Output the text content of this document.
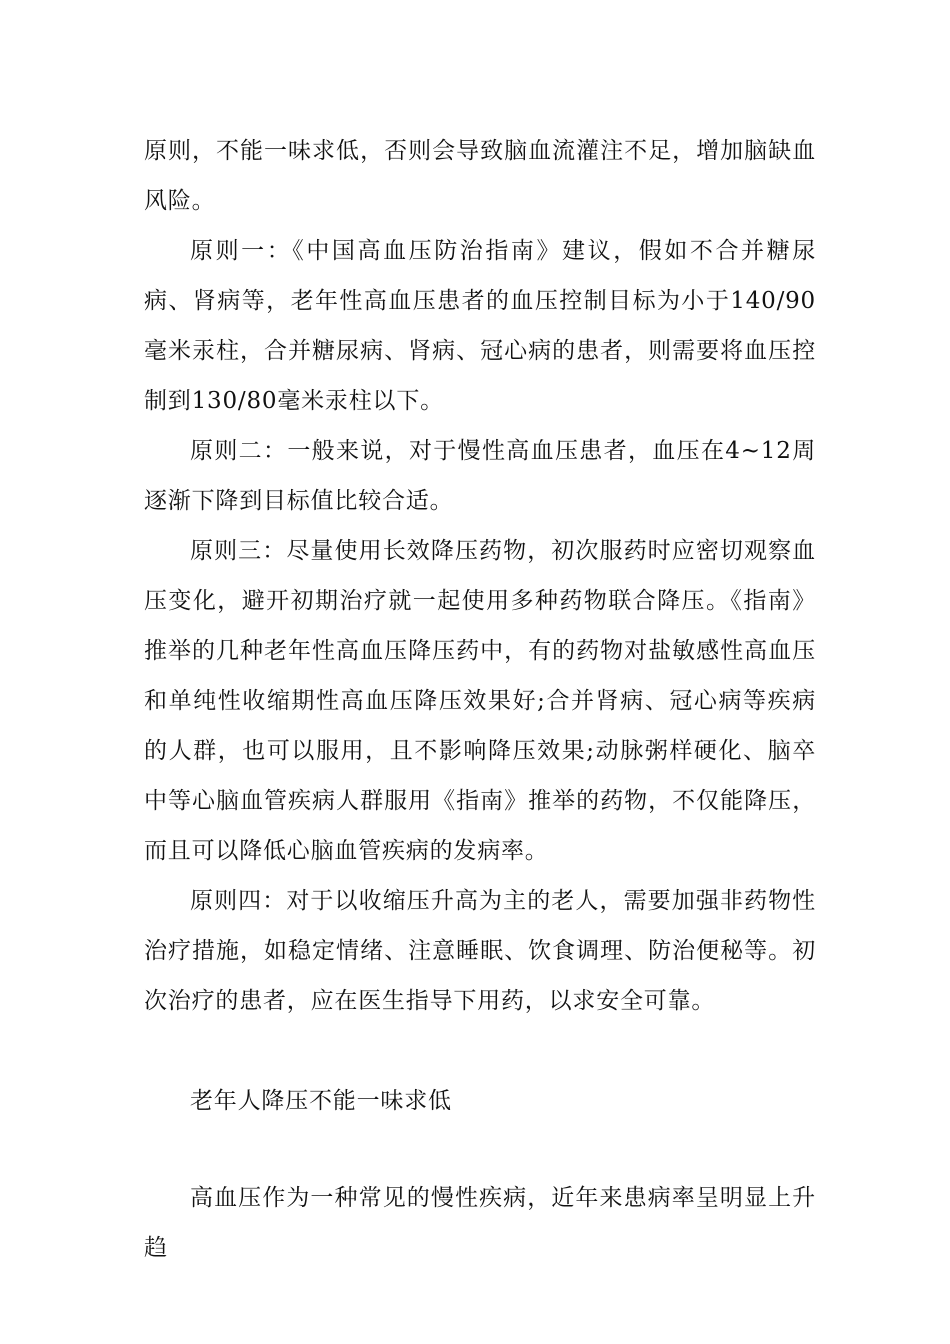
原则，不能一味求低，否则会导致脑血流灌注不足，增加脑缺血风险。

原则一：《中国高血压防治指南》建议，假如不合并糖尿病、肾病等，老年性高血压患者的血压控制目标为小于140/90毫米汞柱，合并糖尿病、肾病、冠心病的患者，则需要将血压控制到130/80毫米汞柱以下。

原则二：一般来说，对于慢性高血压患者，血压在4~12周逐渐下降到目标值比较合适。

原则三：尽量使用长效降压药物，初次服药时应密切观察血压变化，避开初期治疗就一起使用多种药物联合降压。《指南》推举的几种老年性高血压降压药中，有的药物对盐敏感性高血压和单纯性收缩期性高血压降压效果好;合并肾病、冠心病等疾病的人群，也可以服用，且不影响降压效果;动脉粥样硬化、脑卒中等心脑血管疾病人群服用《指南》推举的药物，不仅能降压，而且可以降低心脑血管疾病的发病率。

原则四：对于以收缩压升高为主的老人，需要加强非药物性治疗措施，如稳定情绪、注意睡眠、饮食调理、防治便秘等。初次治疗的患者，应在医生指导下用药，以求安全可靠。

老年人降压不能一味求低

高血压作为一种常见的慢性疾病，近年来患病率呈明显上升趋
